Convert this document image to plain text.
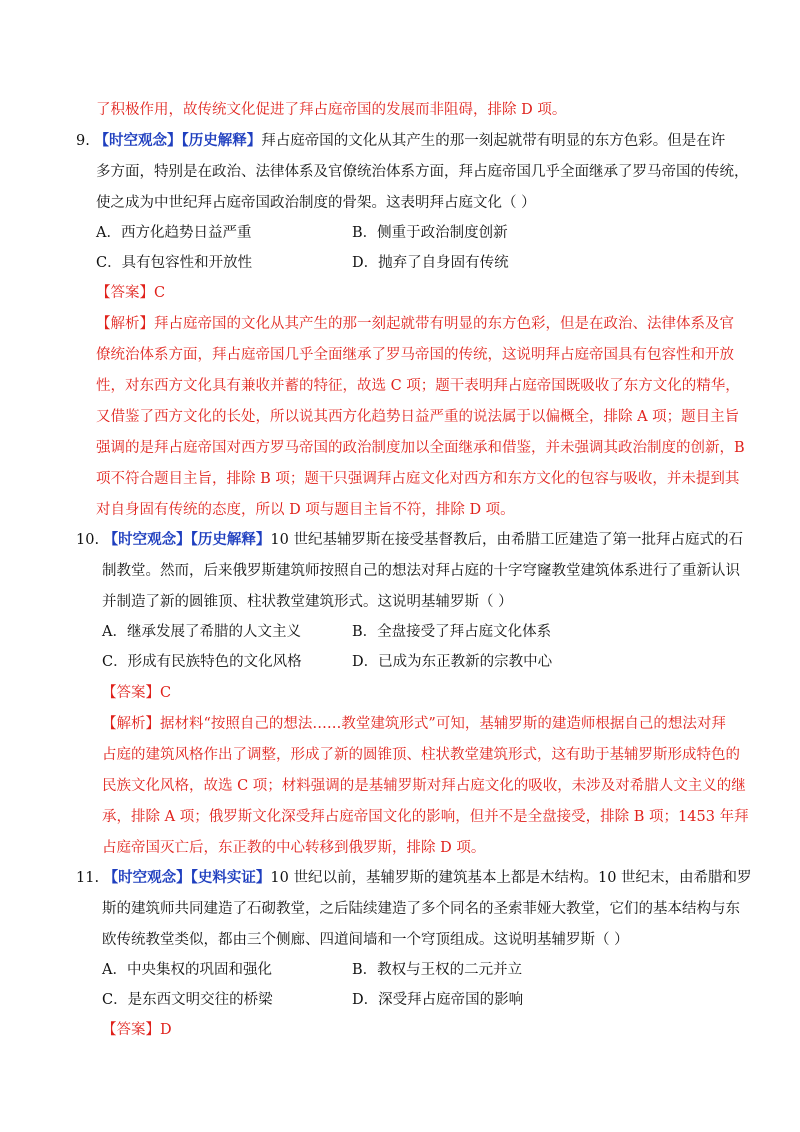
了积极作用，故传统文化促进了拜占庭帝国的发展而非阻碍，排除 D 项。
9. 【时空观念】【历史解释】拜占庭帝国的文化从其产生的那一刻起就带有明显的东方色彩。但是在许
多方面，特别是在政治、法律体系及官僚统治体系方面，拜占庭帝国几乎全面继承了罗马帝国的传统，
使之成为中世纪拜占庭帝国政治制度的骨架。这表明拜占庭文化（ ）
A．西方化趋势日益严重	B．侧重于政治制度创新
C．具有包容性和开放性	D．抛弃了自身固有传统
【答案】C
【解析】拜占庭帝国的文化从其产生的那一刻起就带有明显的东方色彩，但是在政治、法律体系及官
僚统治体系方面，拜占庭帝国几乎全面继承了罗马帝国的传统，这说明拜占庭帝国具有包容性和开放
性，对东西方文化具有兼收并蓄的特征，故选 C 项；题干表明拜占庭帝国既吸收了东方文化的精华，
又借鉴了西方文化的长处，所以说其西方化趋势日益严重的说法属于以偏概全，排除 A 项；题目主旨
强调的是拜占庭帝国对西方罗马帝国的政治制度加以全面继承和借鉴，并未强调其政治制度的创新，B
项不符合题目主旨，排除 B 项；题干只强调拜占庭文化对西方和东方文化的包容与吸收，并未提到其
对自身固有传统的态度，所以 D 项与题目主旨不符，排除 D 项。
10. 【时空观念】【历史解释】10 世纪基辅罗斯在接受基督教后，由希腊工匠建造了第一批拜占庭式的石
制教堂。然而，后来俄罗斯建筑师按照自己的想法对拜占庭的十字穹窿教堂建筑体系进行了重新认识
并制造了新的圆锥顶、柱状教堂建筑形式。这说明基辅罗斯（ ）
A．继承发展了希腊的人文主义	B．全盘接受了拜占庭文化体系
C．形成有民族特色的文化风格	D．已成为东正教新的宗教中心
【答案】C
【解析】据材料“按照自己的想法……教堂建筑形式”可知，基辅罗斯的建造师根据自己的想法对拜
占庭的建筑风格作出了调整，形成了新的圆锥顶、柱状教堂建筑形式，这有助于基辅罗斯形成特色的
民族文化风格，故选 C 项；材料强调的是基辅罗斯对拜占庭文化的吸收，未涉及对希腊人文主义的继
承，排除 A 项；俄罗斯文化深受拜占庭帝国文化的影响，但并不是全盘接受，排除 B 项；1453 年拜
占庭帝国灭亡后，东正教的中心转移到俄罗斯，排除 D 项。
11. 【时空观念】【史料实证】10 世纪以前，基辅罗斯的建筑基本上都是木结构。10 世纪末，由希腊和罗
斯的建筑师共同建造了石砌教堂，之后陆续建造了多个同名的圣索菲娅大教堂，它们的基本结构与东
欧传统教堂类似，都由三个侧廊、四道间墙和一个穹顶组成。这说明基辅罗斯（ ）
A．中央集权的巩固和强化	B．教权与王权的二元并立
C．是东西文明交往的桥梁	D．深受拜占庭帝国的影响
【答案】D
